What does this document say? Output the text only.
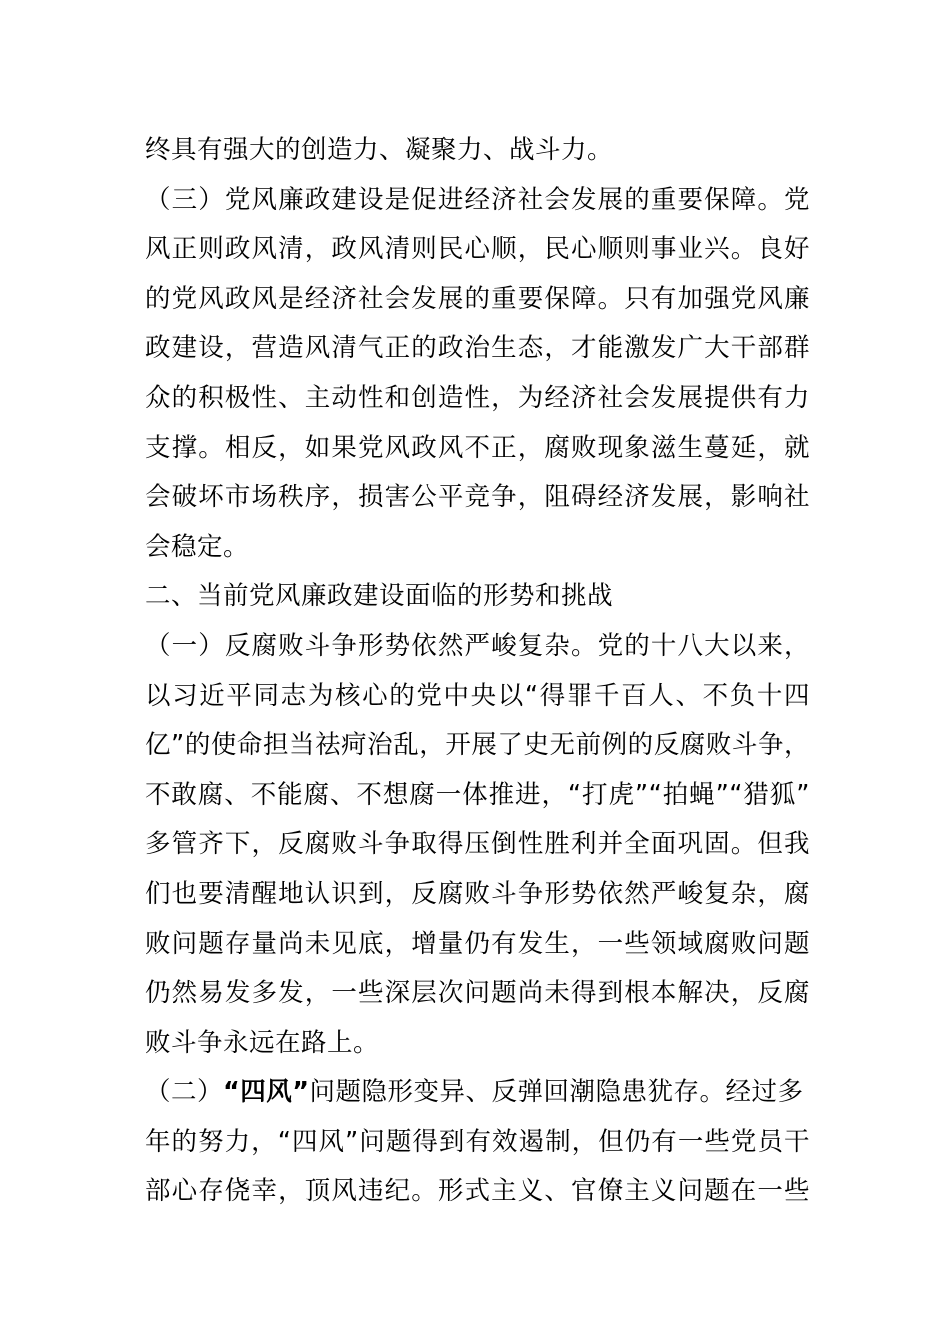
终具有强大的创造力、凝聚力、战斗力。
（三）党风廉政建设是促进经济社会发展的重要保障。党
风正则政风清，政风清则民心顺，民心顺则事业兴。良好
的党风政风是经济社会发展的重要保障。只有加强党风廉
政建设，营造风清气正的政治生态，才能激发广大干部群
众的积极性、主动性和创造性，为经济社会发展提供有力
支撑。相反，如果党风政风不正，腐败现象滋生蔓延，就
会破坏市场秩序，损害公平竞争，阻碍经济发展，影响社
会稳定。
二、当前党风廉政建设面临的形势和挑战
（一）反腐败斗争形势依然严峻复杂。党的十八大以来，
以习近平同志为核心的党中央以“得罪千百人、不负十四
亿”的使命担当祛疴治乱，开展了史无前例的反腐败斗争，
不敢腐、不能腐、不想腐一体推进，“打虎”“拍蝇”“猎狐”
多管齐下，反腐败斗争取得压倒性胜利并全面巩固。但我
们也要清醒地认识到，反腐败斗争形势依然严峻复杂，腐
败问题存量尚未见底，增量仍有发生，一些领域腐败问题
仍然易发多发，一些深层次问题尚未得到根本解决，反腐
败斗争永远在路上。
（二）“四风”问题隐形变异、反弹回潮隐患犹存。经过多
年的努力，“四风”问题得到有效遏制，但仍有一些党员干
部心存侥幸，顶风违纪。形式主义、官僚主义问题在一些
